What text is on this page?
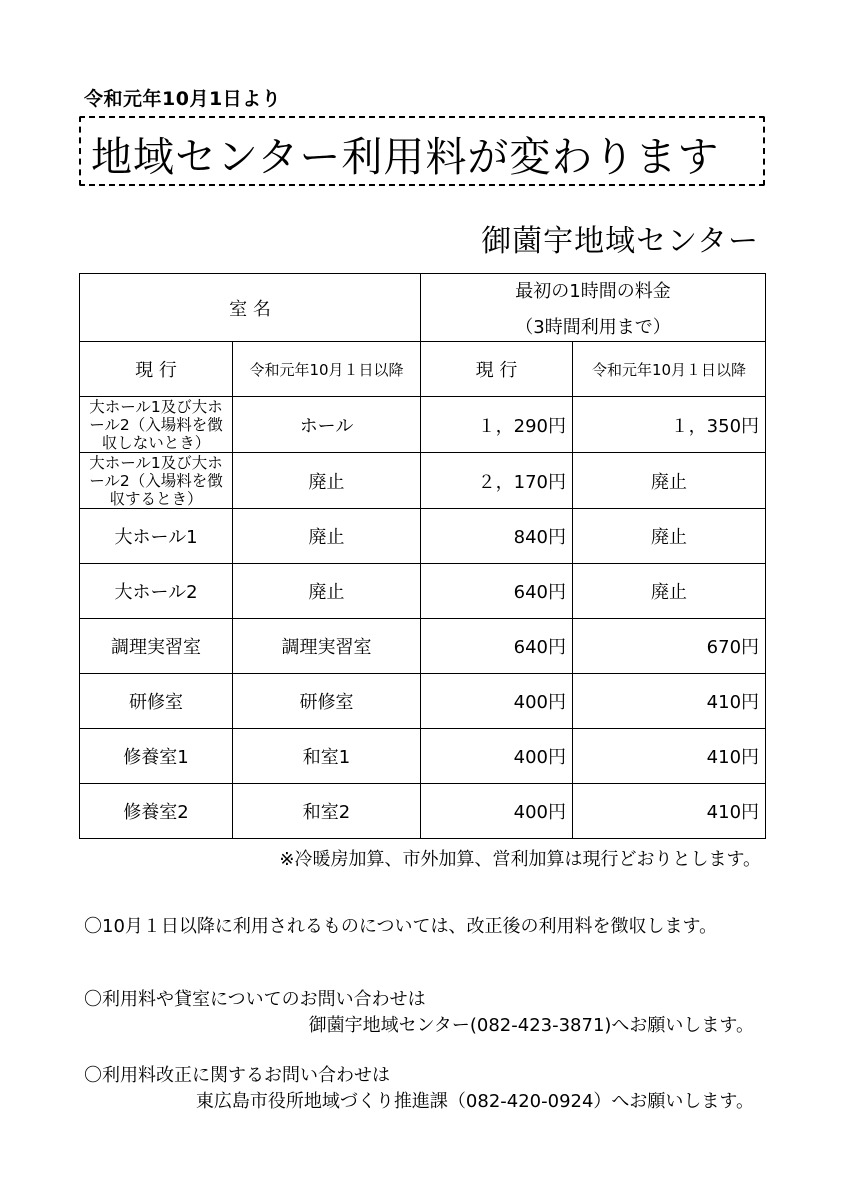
令和元年10月1日より
地域センター利用料が変わります
御薗宇地域センター
室 名		最初の1時間の料金
（3時間利用まで）	

現 行	令和元年10月１日以降	現 行	令和元年10月１日以降
大ホール1及び大ホール2（入場料を徴収しないとき）	ホール	１，290円	１，350円
大ホール1及び大ホール2（入場料を徴収するとき）	廃止	２，170円	廃止
大ホール1	廃止	840円	廃止
大ホール2	廃止	640円	廃止
調理実習室	調理実習室	640円	670円
研修室	研修室	400円	410円
修養室1	和室1	400円	410円
修養室2	和室2	400円	410円
※冷暖房加算、市外加算、営利加算は現行どおりとします。
〇10月１日以降に利用されるものについては、改正後の利用料を徴収します。
〇利用料や貸室についてのお問い合わせは
御薗宇地域センター(082-423-3871)へお願いします。
〇利用料改正に関するお問い合わせは
東広島市役所地域づくり推進課（082-420-0924）へお願いします。
